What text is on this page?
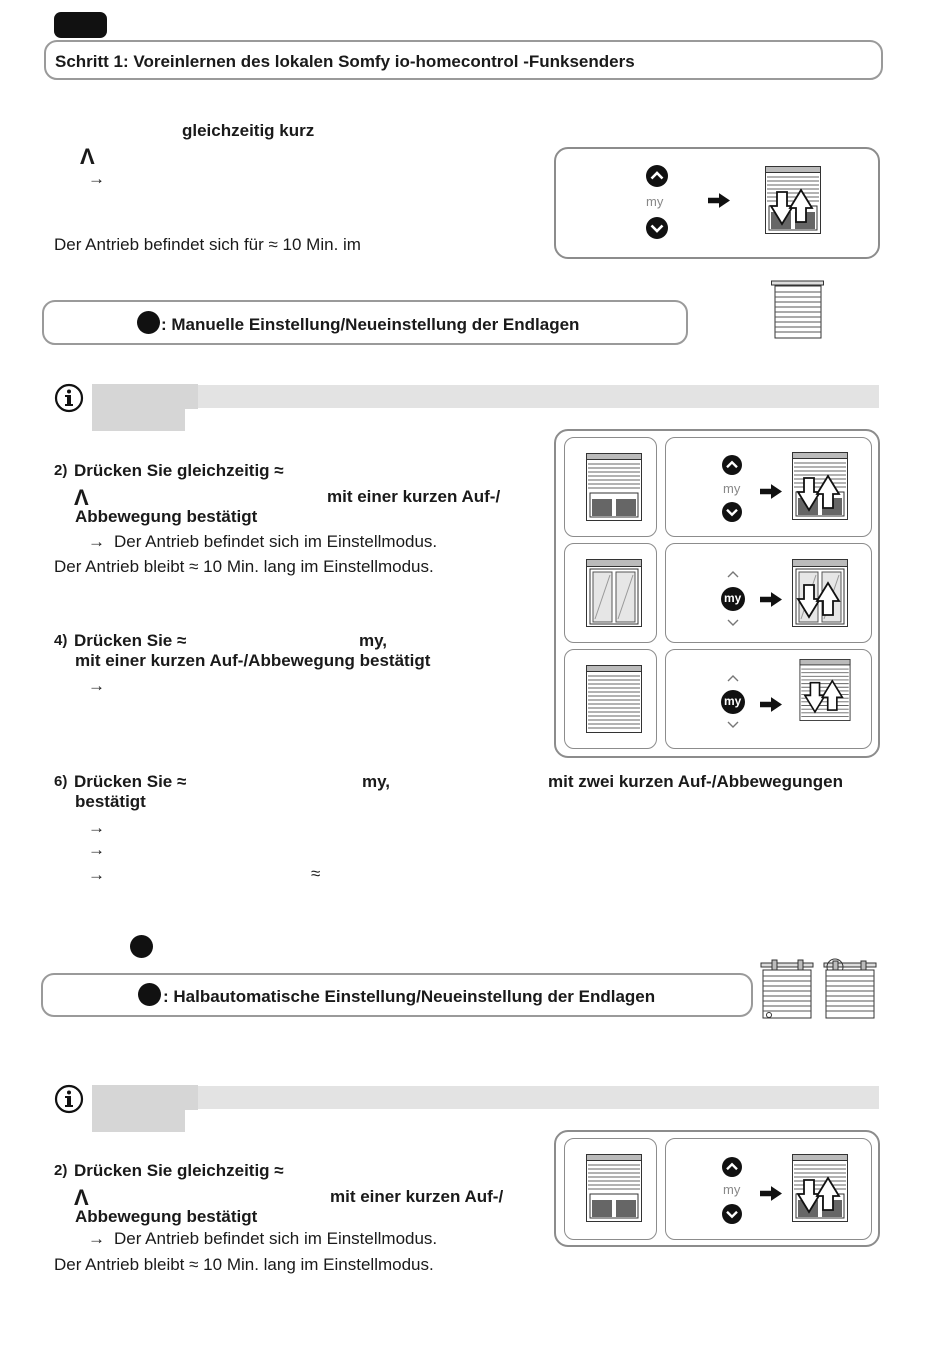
Schritt 1: Voreinlernen des lokalen Somfy io-homecontrol -Funksenders
gleichzeitig kurz
Λ
→
Der Antrieb befindet sich für ≈ 10 Min. im
my
: Manuelle Einstellung/Neueinstellung der Endlagen
2) Drücken Sie gleichzeitig ≈
Λ	mit einer kurzen Auf-/
Abbewegung bestätigt
→ Der Antrieb befindet sich im Einstellmodus.
Der Antrieb bleibt ≈ 10 Min. lang im Einstellmodus.
4) Drücken Sie ≈	my,
mit einer kurzen Auf-/Abbewegung bestätigt
→
6) Drücken Sie ≈	my,	mit zwei kurzen Auf-/Abbewegungen
bestätigt
→
→
→	≈
my
my
my
: Halbautomatische Einstellung/Neueinstellung der Endlagen
2) Drücken Sie gleichzeitig ≈
Λ	mit einer kurzen Auf-/
Abbewegung bestätigt
→ Der Antrieb befindet sich im Einstellmodus.
Der Antrieb bleibt ≈ 10 Min. lang im Einstellmodus.
my
